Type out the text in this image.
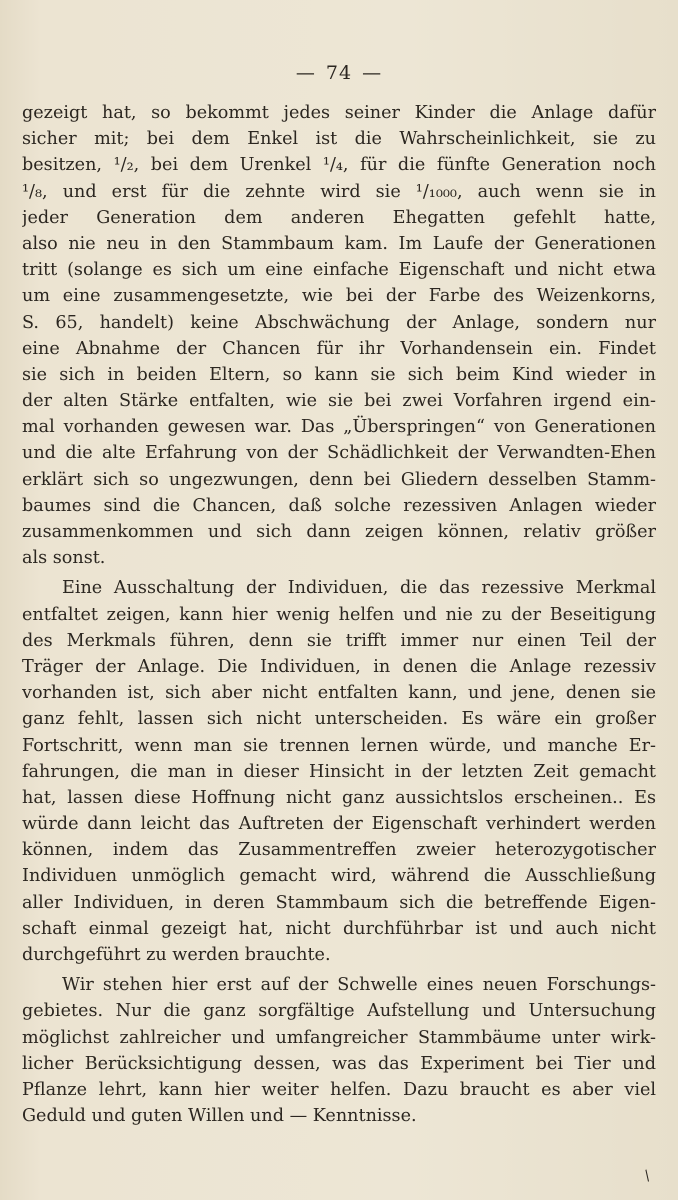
— 74 —
gezeigt hat, so bekommt jedes seiner Kinder die Anlage dafür
sicher mit; bei dem Enkel ist die Wahrscheinlichkeit, sie zu
besitzen, ¹/₂, bei dem Urenkel ¹/₄, für die fünfte Generation noch
¹/₈, und erst für die zehnte wird sie ¹/₁₀₀₀, auch wenn sie in
jeder Generation dem anderen Ehegatten gefehlt hatte,
also nie neu in den Stammbaum kam. Im Laufe der Generationen
tritt (solange es sich um eine einfache Eigenschaft und nicht etwa
um eine zusammengesetzte, wie bei der Farbe des Weizenkorns,
S. 65, handelt) keine Abschwächung der Anlage, sondern nur
eine Abnahme der Chancen für ihr Vorhandensein ein. Findet
sie sich in beiden Eltern, so kann sie sich beim Kind wieder in
der alten Stärke entfalten, wie sie bei zwei Vorfahren irgend ein-
mal vorhanden gewesen war. Das „Überspringen“ von Generationen
und die alte Erfahrung von der Schädlichkeit der Verwandten-Ehen
erklärt sich so ungezwungen, denn bei Gliedern desselben Stamm-
baumes sind die Chancen, daß solche rezessiven Anlagen wieder
zusammenkommen und sich dann zeigen können, relativ größer
als sonst.
Eine Ausschaltung der Individuen, die das rezessive Merkmal
entfaltet zeigen, kann hier wenig helfen und nie zu der Beseitigung
des Merkmals führen, denn sie trifft immer nur einen Teil der
Träger der Anlage. Die Individuen, in denen die Anlage rezessiv
vorhanden ist, sich aber nicht entfalten kann, und jene, denen sie
ganz fehlt, lassen sich nicht unterscheiden. Es wäre ein großer
Fortschritt, wenn man sie trennen lernen würde, und manche Er-
fahrungen, die man in dieser Hinsicht in der letzten Zeit gemacht
hat, lassen diese Hoffnung nicht ganz aussichtslos erscheinen.. Es
würde dann leicht das Auftreten der Eigenschaft verhindert werden
können, indem das Zusammentreffen zweier heterozygotischer
Individuen unmöglich gemacht wird, während die Ausschließung
aller Individuen, in deren Stammbaum sich die betreffende Eigen-
schaft einmal gezeigt hat, nicht durchführbar ist und auch nicht
durchgeführt zu werden brauchte.
Wir stehen hier erst auf der Schwelle eines neuen Forschungs-
gebietes. Nur die ganz sorgfältige Aufstellung und Untersuchung
möglichst zahlreicher und umfangreicher Stammbäume unter wirk-
licher Berücksichtigung dessen, was das Experiment bei Tier und
Pflanze lehrt, kann hier weiter helfen. Dazu braucht es aber viel
Geduld und guten Willen und — Kenntnisse.
/
